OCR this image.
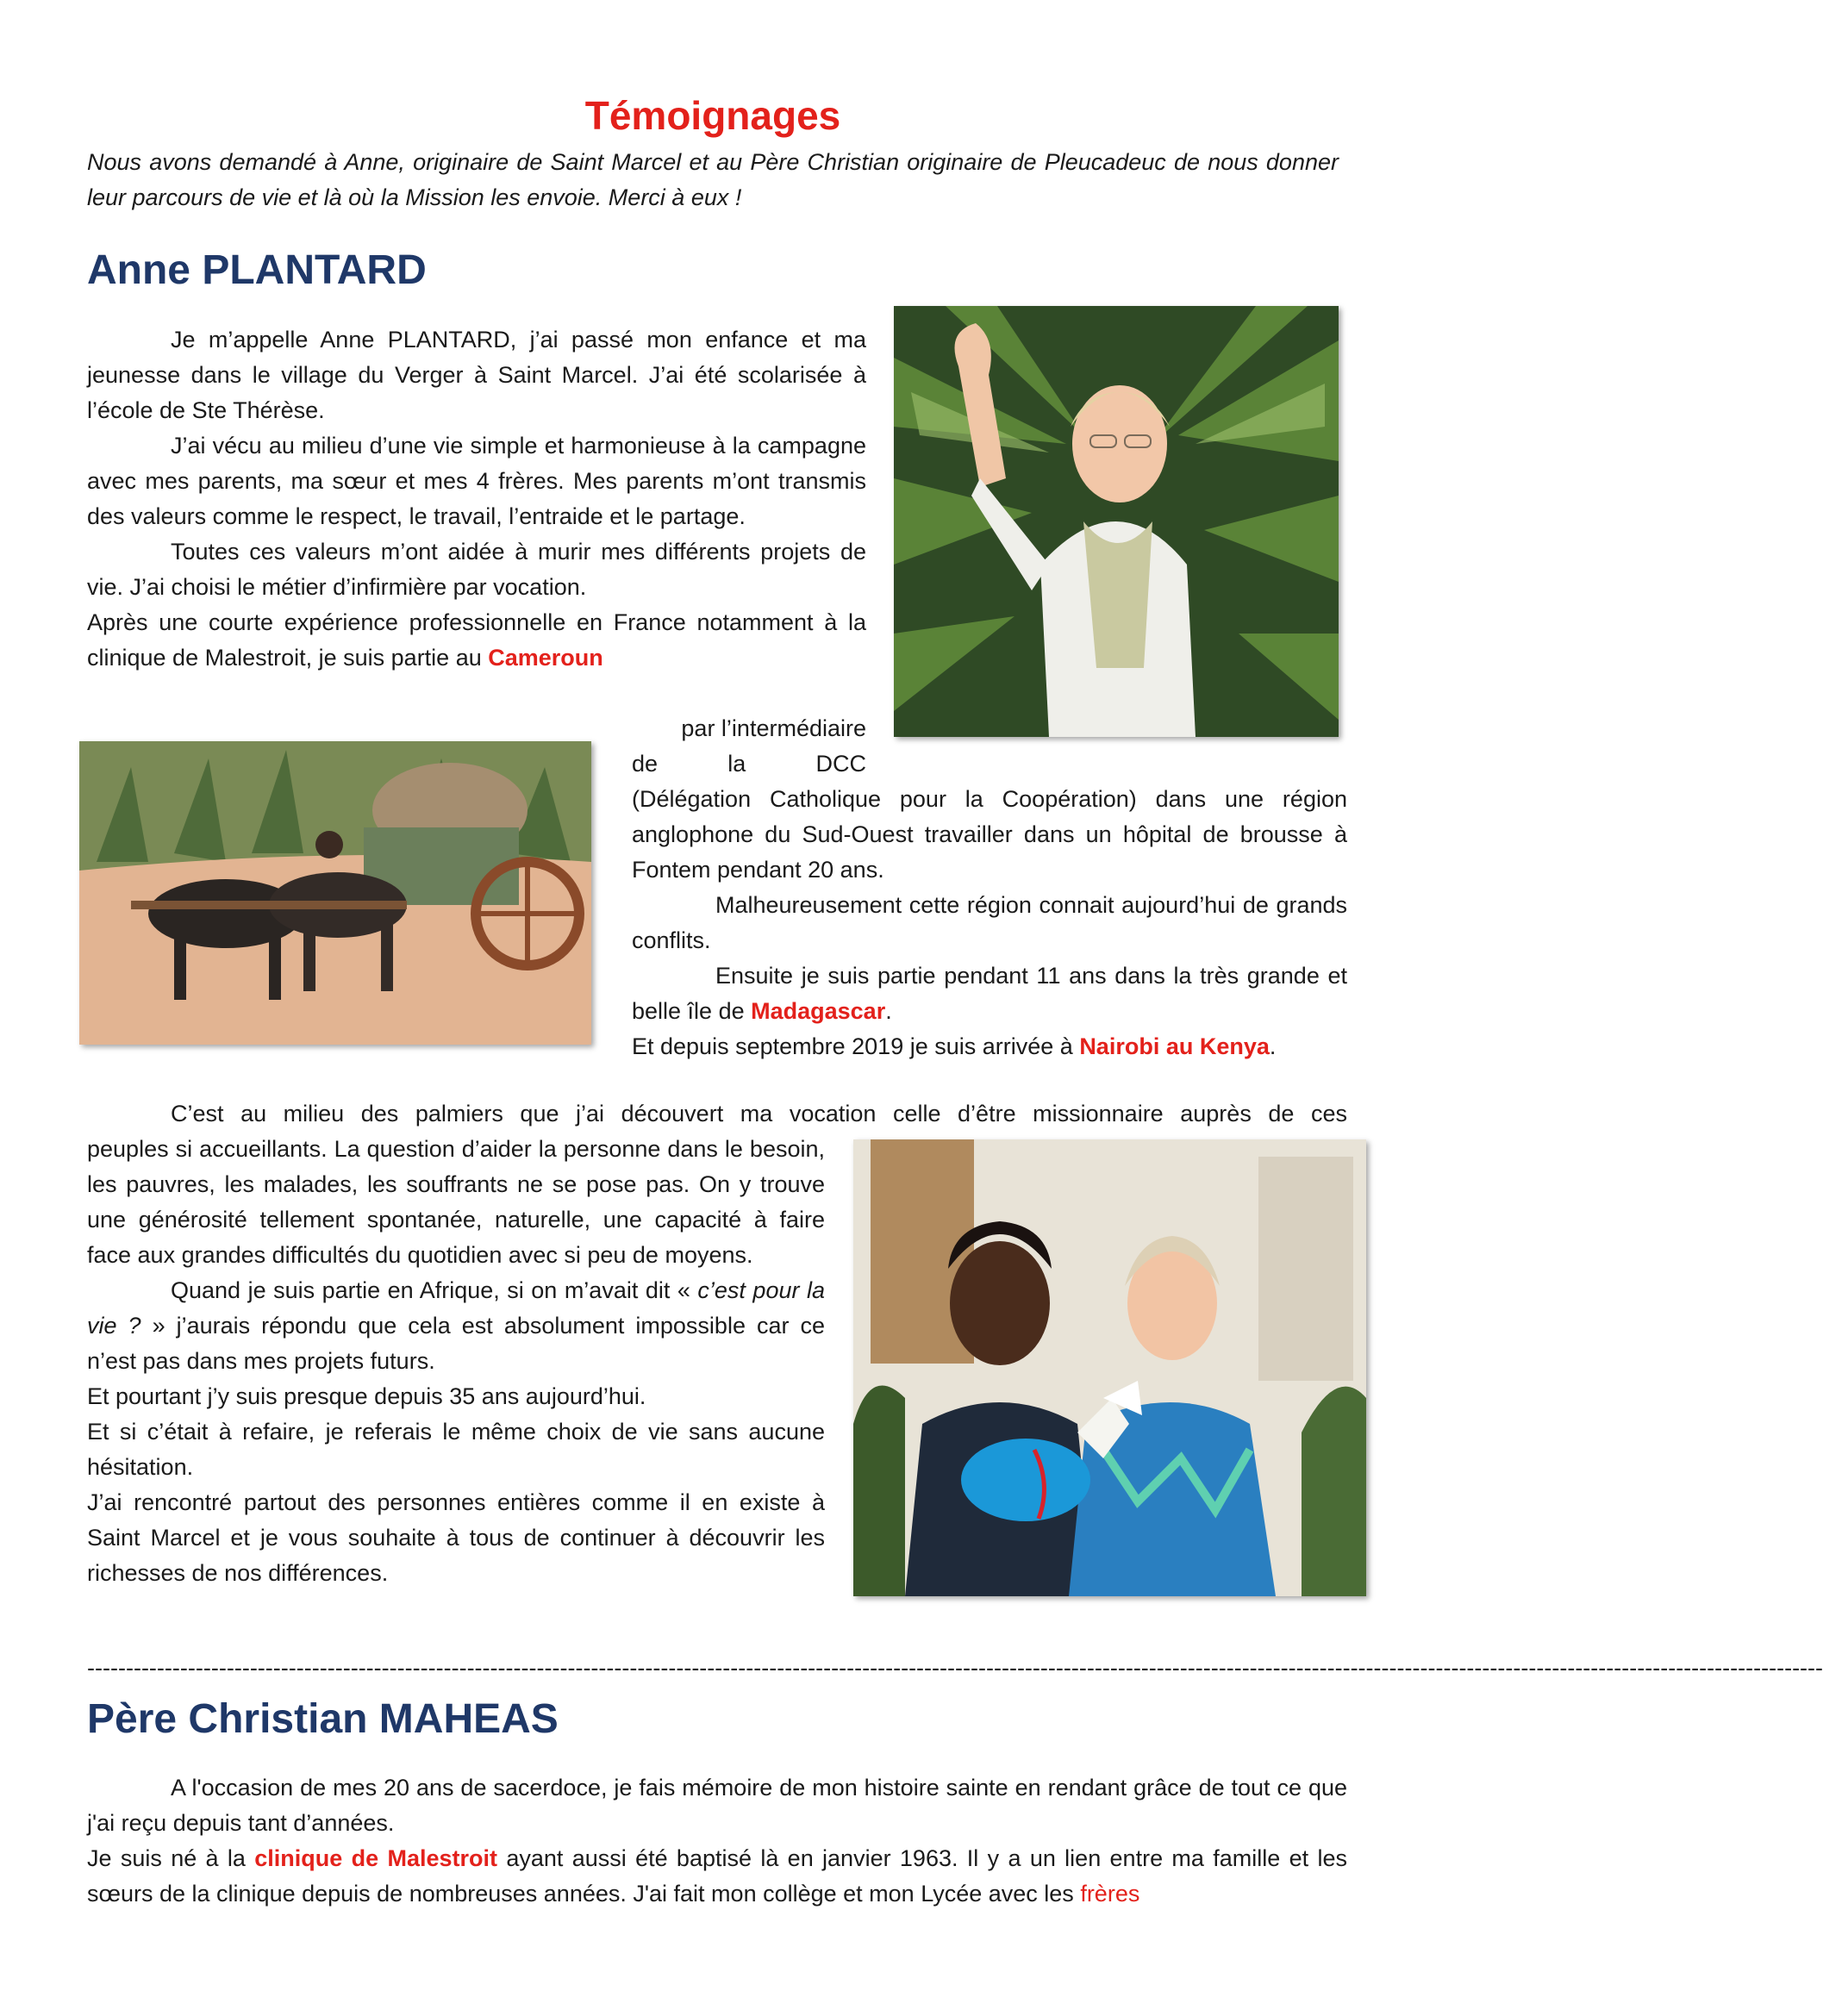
Témoignages
Nous avons demandé à Anne, originaire de Saint Marcel et au Père Christian originaire de Pleucadeuc de nous donner leur parcours de vie et là où la Mission les envoie. Merci à eux !
Anne PLANTARD

Je m’appelle Anne PLANTARD, j’ai passé mon enfance et ma jeunesse dans le village du Verger à Saint Marcel. J’ai été scolarisée à l’école de Ste Thérèse.

J’ai vécu au milieu d’une vie simple et harmonieuse à la campagne avec mes parents, ma sœur et mes 4 frères. Mes parents m’ont transmis des valeurs comme le respect, le travail, l’entraide et le partage.

Toutes ces valeurs m’ont aidée à murir mes différents projets de vie. J’ai choisi le métier d’infirmière par vocation.

Après une courte expérience professionnelle en France notamment à la clinique de Malestroit, je suis partie au Cameroun

par l’intermédiaire

de	la	DCC

(Délégation Catholique pour la Coopération) dans une région anglophone du Sud-Ouest travailler dans un hôpital de brousse à Fontem pendant 20 ans.

Malheureusement cette région connait aujourd’hui de grands conflits.

Ensuite je suis partie pendant 11 ans dans la très grande et belle île de Madagascar.

Et depuis septembre 2019 je suis arrivée à Nairobi au Kenya.

C’est au milieu des palmiers que j’ai découvert ma vocation celle d’être missionnaire auprès de ces

peuples si accueillants. La question d’aider la personne dans le besoin, les pauvres, les malades, les souffrants ne se pose pas. On y trouve une générosité tellement spontanée, naturelle, une capacité à faire face aux grandes difficultés du quotidien avec si peu de moyens.

Quand je suis partie en Afrique, si on m’avait dit « c’est pour la vie ? » j’aurais répondu que cela est absolument impossible car ce n’est pas dans mes projets futurs.

Et pourtant j’y suis presque depuis 35 ans aujourd’hui.

Et si c’était à refaire, je referais le même choix de vie sans aucune hésitation.

J’ai rencontré partout des personnes entières comme il en existe à Saint Marcel et je vous souhaite à tous de continuer à découvrir les richesses de nos différences.

--------------------------------------------------------------------------------------------------------------------------------------------------------------------------------------------------------------------------------
Père Christian MAHEAS

A l'occasion de mes 20 ans de sacerdoce, je fais mémoire de mon histoire sainte en rendant grâce de tout ce que j'ai reçu depuis tant d’années.

Je suis né à la clinique de Malestroit ayant aussi été baptisé là en janvier 1963. Il y a un lien entre ma famille et les sœurs de la clinique depuis de nombreuses années. J'ai fait mon collège et mon Lycée avec les frères
